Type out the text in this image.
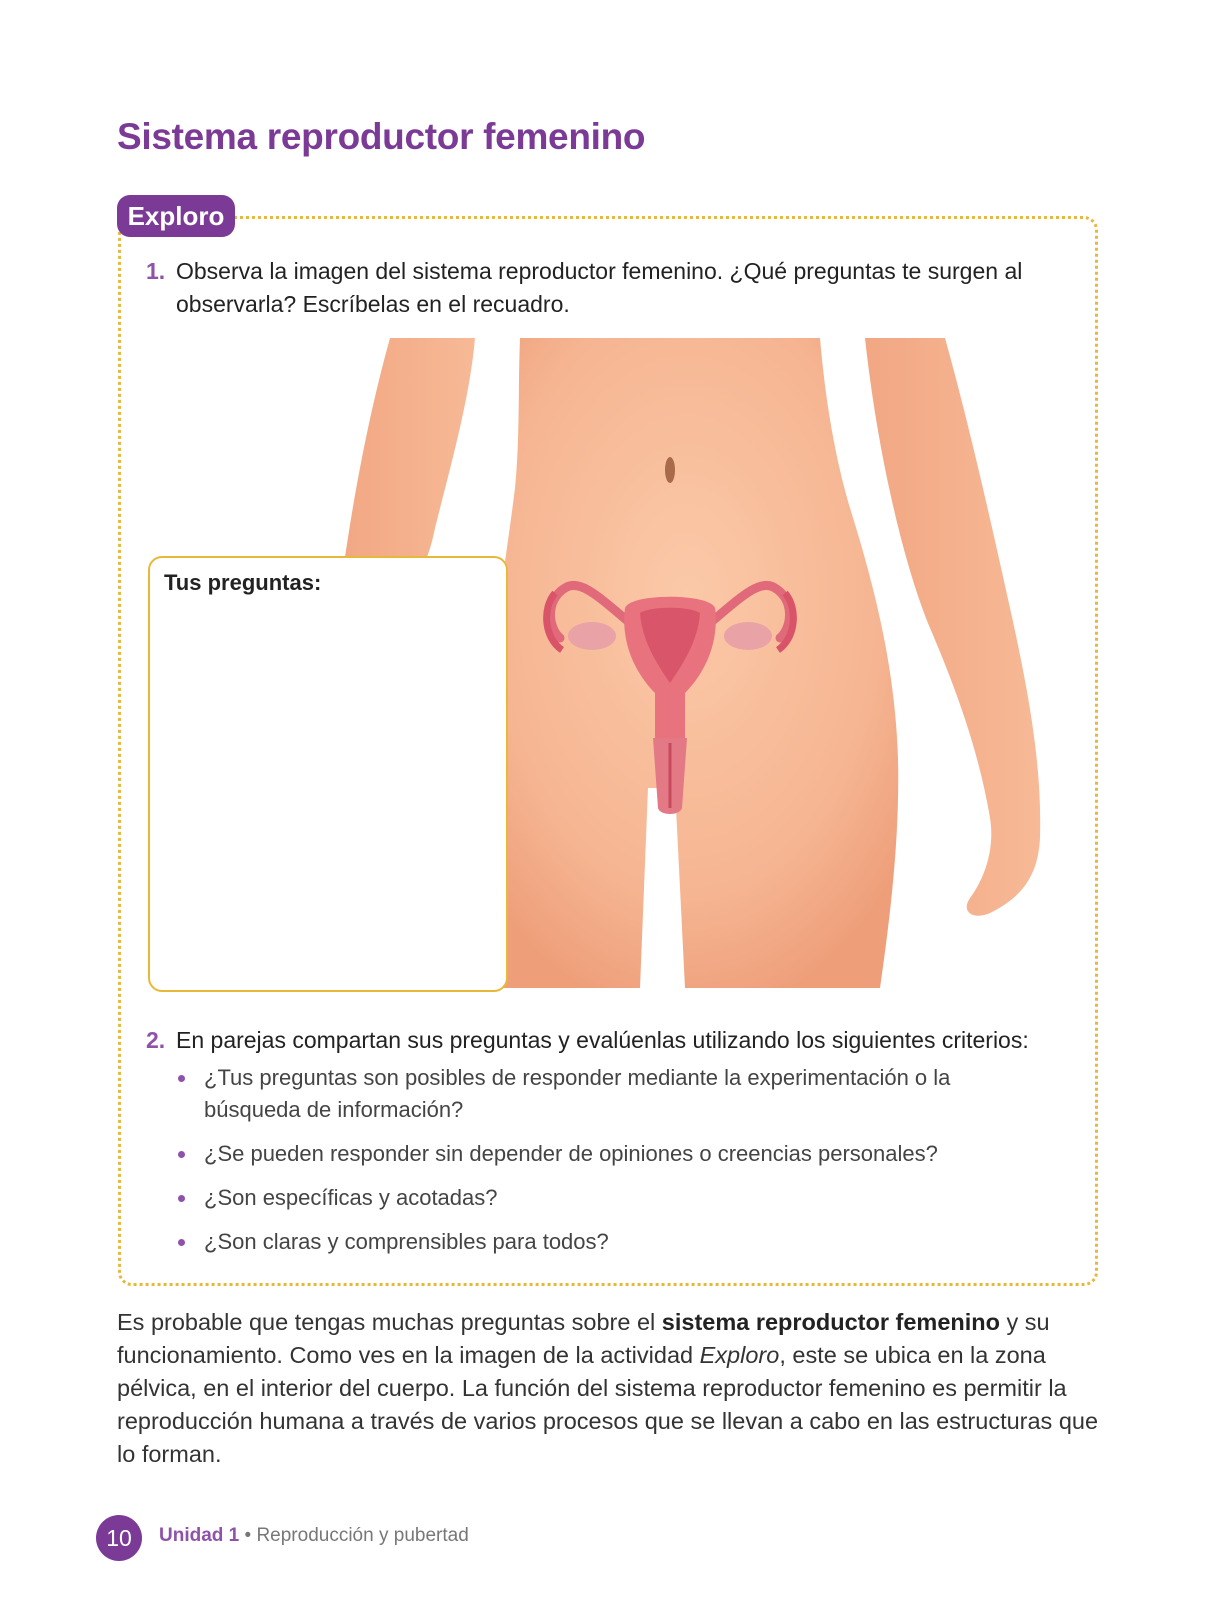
Sistema reproductor femenino
Exploro
1. Observa la imagen del sistema reproductor femenino. ¿Qué preguntas te surgen al observarla? Escríbelas en el recuadro.

Tus preguntas:
2. En parejas compartan sus preguntas y evalúenlas utilizando los siguientes criterios:

¿Tus preguntas son posibles de responder mediante la experimentación o la búsqueda de información?
¿Se pueden responder sin depender de opiniones o creencias personales?
¿Son específicas y acotadas?
¿Son claras y comprensibles para todos?

Es probable que tengas muchas preguntas sobre el sistema reproductor femenino y su funcionamiento. Como ves en la imagen de la actividad Exploro, este se ubica en la zona pélvica, en el interior del cuerpo. La función del sistema reproductor femenino es permitir la reproducción humana a través de varios procesos que se llevan a cabo en las estructuras que lo forman.

10	Unidad 1 • Reproducción y pubertad
